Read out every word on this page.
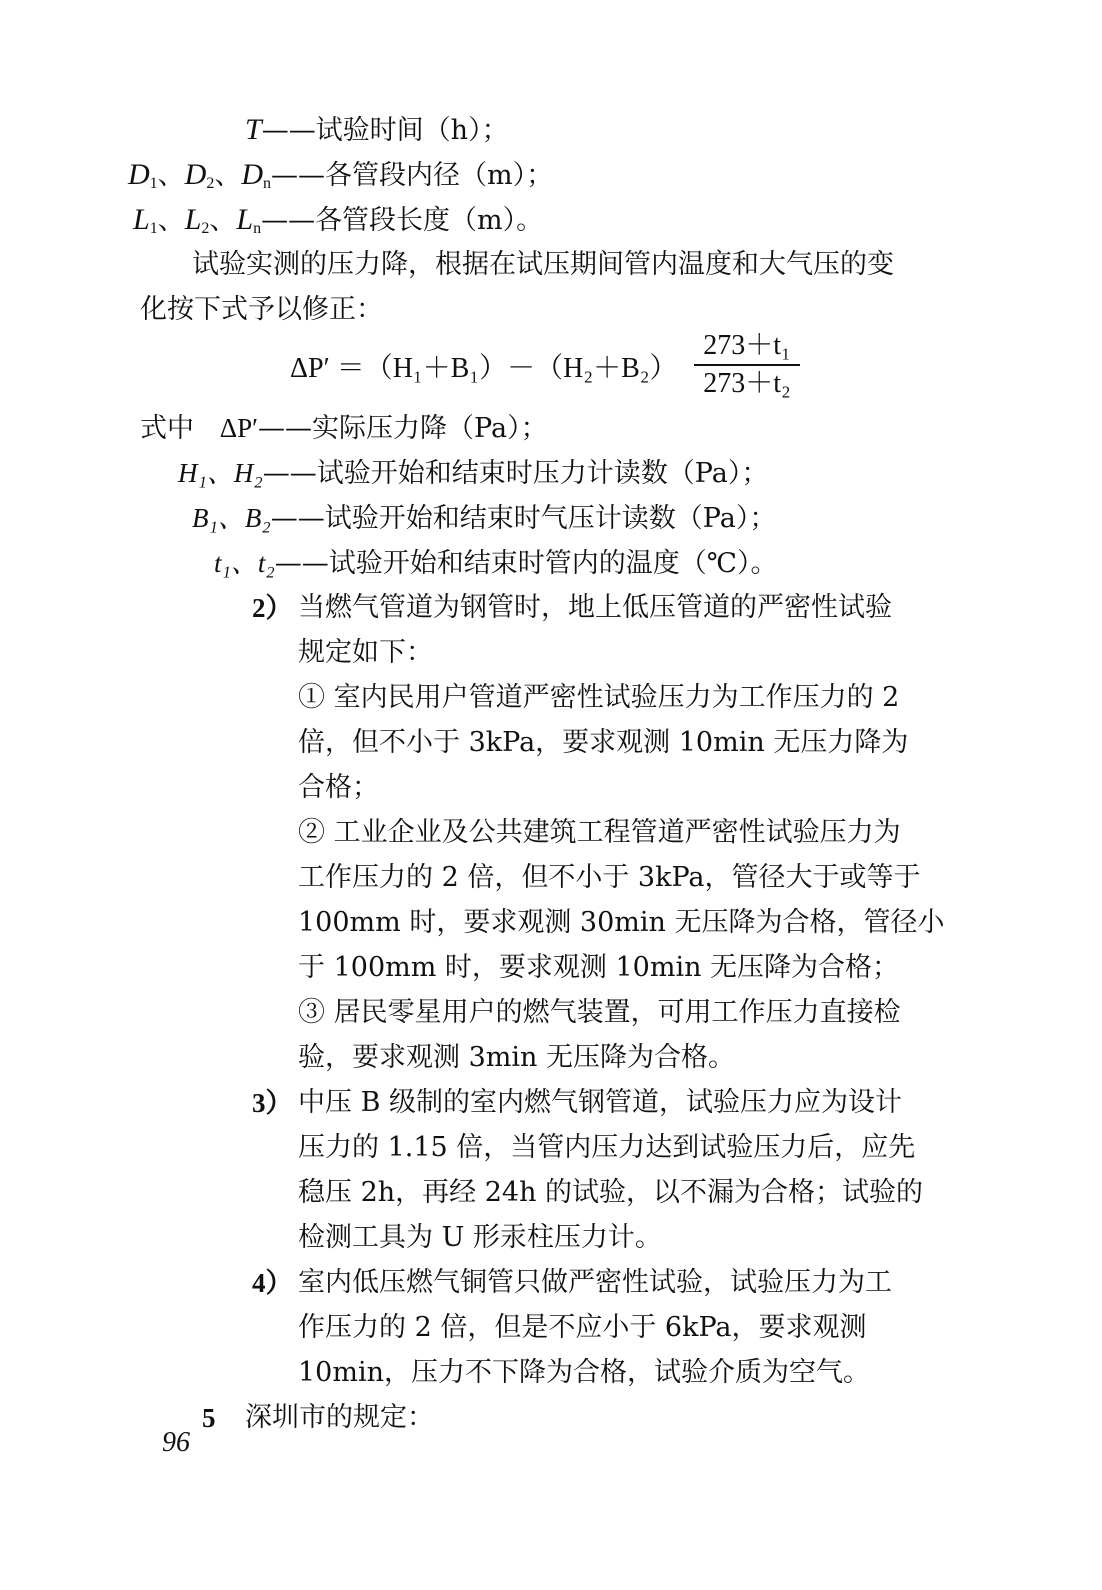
T——试验时间（h）；
$D_1$、$D_2$、$D_n——$各管段内径（m）；
$L_1$、$L_2$、$L_n——$各管段长度（m）。
试验实测的压力降，根据在试压期间管内温度和大气压的变
化按下式予以修正：
ΔP′ ＝（H₁＋B₁）－（H₂＋B₂）
273＋t₁
273＋t₂
式中 ΔP′——实际压力降（Pa）；
H₁、H₂——试验开始和结束时压力计读数（Pa）；
B₁、B₂——试验开始和结束时气压计读数（Pa）；
t₁、t₂——试验开始和结束时管内的温度（℃）。
2） 当燃气管道为钢管时，地上低压管道的严密性试验
规定如下：
① 室内民用户管道严密性试验压力为工作压力的 2
倍，但不小于 3kPa，要求观测 10min 无压力降为
合格；
② 工业企业及公共建筑工程管道严密性试验压力为
工作压力的 2 倍，但不小于 3kPa，管径大于或等于
100mm 时，要求观测 30min 无压降为合格，管径小
于 100mm 时，要求观测 10min 无压降为合格；
③ 居民零星用户的燃气装置，可用工作压力直接检
验，要求观测 3min 无压降为合格。
3） 中压 B 级制的室内燃气钢管道，试验压力应为设计
压力的 1.15 倍，当管内压力达到试验压力后，应先
稳压 2h，再经 24h 的试验，以不漏为合格；试验的
检测工具为 U 形汞柱压力计。
4） 室内低压燃气铜管只做严密性试验，试验压力为工
作压力的 2 倍，但是不应小于 6kPa，要求观测
10min，压力不下降为合格，试验介质为空气。
5 深圳市的规定：
96
